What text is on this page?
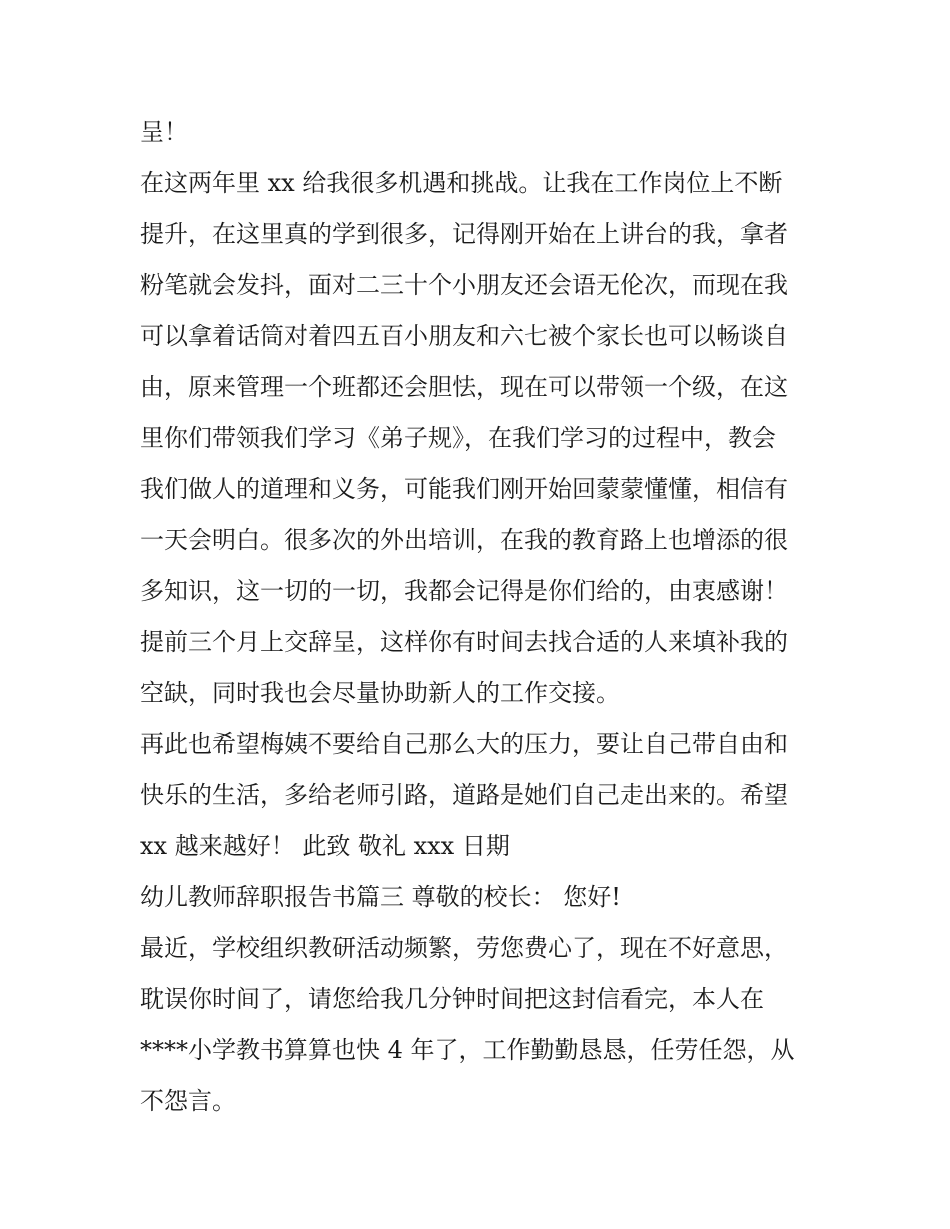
呈！
在这两年里 xx 给我很多机遇和挑战。让我在工作岗位上不断
提升，在这里真的学到很多，记得刚开始在上讲台的我，拿者
粉笔就会发抖，面对二三十个小朋友还会语无伦次，而现在我
可以拿着话筒对着四五百小朋友和六七被个家长也可以畅谈自
由，原来管理一个班都还会胆怯，现在可以带领一个级，在这
里你们带领我们学习《弟子规》，在我们学习的过程中，教会
我们做人的道理和义务，可能我们刚开始回蒙蒙懂懂，相信有
一天会明白。很多次的外出培训，在我的教育路上也增添的很
多知识，这一切的一切，我都会记得是你们给的，由衷感谢！
提前三个月上交辞呈，这样你有时间去找合适的人来填补我的
空缺，同时我也会尽量协助新人的工作交接。
再此也希望梅姨不要给自己那么大的压力，要让自己带自由和
快乐的生活，多给老师引路，道路是她们自己走出来的。希望
xx 越来越好！ 此致 敬礼 xxx 日期
幼儿教师辞职报告书篇三 尊敬的校长： 您好!
最近，学校组织教研活动频繁，劳您费心了，现在不好意思，
耽误你时间了，请您给我几分钟时间把这封信看完，本人在
****小学教书算算也快 4 年了，工作勤勤恳恳，任劳任怨，从
不怨言。
